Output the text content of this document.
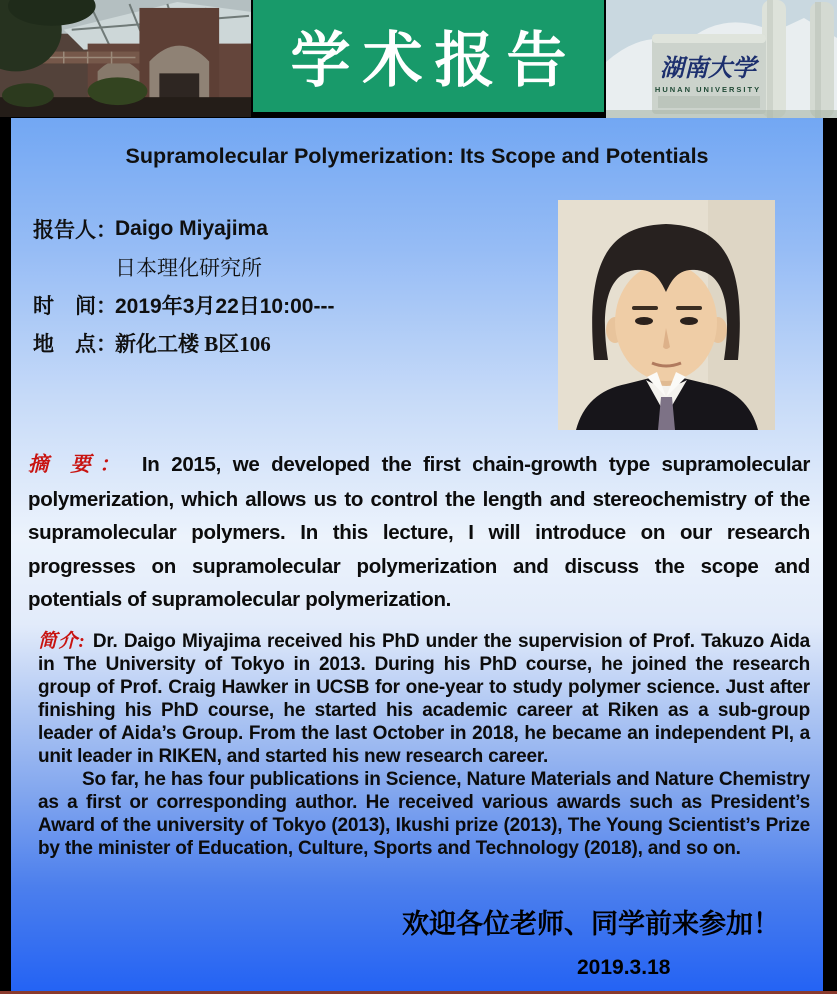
学术报告	湖南大学
HUNAN UNIVERSITY
Supramolecular Polymerization: Its Scope and Potentials
报告人：
Daigo Miyajima
日本理化研究所
时　间：
2019年3月22日10:00---
地　点：
新化工楼 B区106
摘 要： In 2015, we developed the first chain-growth type supramolecular polymerization, which allows us to control the length and stereochemistry of the supramolecular polymers. In this lecture, I will introduce on our research progresses on supramolecular polymerization and discuss the scope and potentials of supramolecular polymerization.

简介: Dr. Daigo Miyajima received his PhD under the supervision of Prof. Takuzo Aida in The University of Tokyo in 2013. During his PhD course, he joined the research group of Prof. Craig Hawker in UCSB for one-year to study polymer science. Just after finishing his PhD course, he started his academic career at Riken as a sub-group leader of Aida’s Group. From the last October in 2018, he became an independent PI, a unit leader in RIKEN, and started his new research career.

So far, he has four publications in Science, Nature Materials and Nature Chemistry as a first or corresponding author. He received various awards such as President’s Award of the university of Tokyo (2013), Ikushi prize (2013), The Young Scientist’s Prize by the minister of Education, Culture, Sports and Technology (2018), and so on.

欢迎各位老师、同学前来参加！
2019.3.18
